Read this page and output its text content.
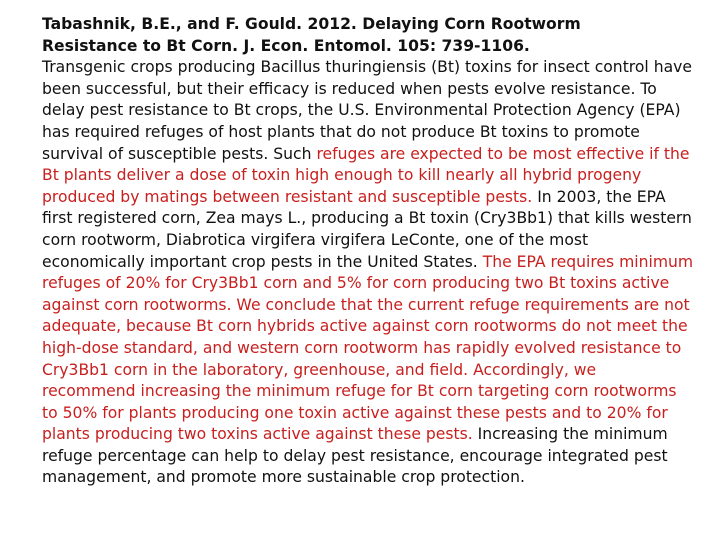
Tabashnik, B.E., and F. Gould. 2012. Delaying Corn Rootworm
Resistance to Bt Corn. J. Econ. Entomol. 105: 739-1106.

Transgenic crops producing Bacillus thuringiensis (Bt) toxins for insect control have been successful, but their efficacy is reduced when pests evolve resistance. To delay pest resistance to Bt crops, the U.S. Environmental Protection Agency (EPA) has required refuges of host plants that do not produce Bt toxins to promote survival of susceptible pests. Such refuges are expected to be most effective if the Bt plants deliver a dose of toxin high enough to kill nearly all hybrid progeny produced by matings between resistant and susceptible pests. In 2003, the EPA first registered corn, Zea mays L., producing a Bt toxin (Cry3Bb1) that kills western corn rootworm, Diabrotica virgifera virgifera LeConte, one of the most economically important crop pests in the United States. The EPA requires minimum refuges of 20% for Cry3Bb1 corn and 5% for corn producing two Bt toxins active against corn rootworms. We conclude that the current refuge requirements are not adequate, because Bt corn hybrids active against corn rootworms do not meet the high-dose standard, and western corn rootworm has rapidly evolved resistance to Cry3Bb1 corn in the laboratory, greenhouse, and field. Accordingly, we recommend increasing the minimum refuge for Bt corn targeting corn rootworms to 50% for plants producing one toxin active against these pests and to 20% for plants producing two toxins active against these pests. Increasing the minimum refuge percentage can help to delay pest resistance, encourage integrated pest management, and promote more sustainable crop protection.
